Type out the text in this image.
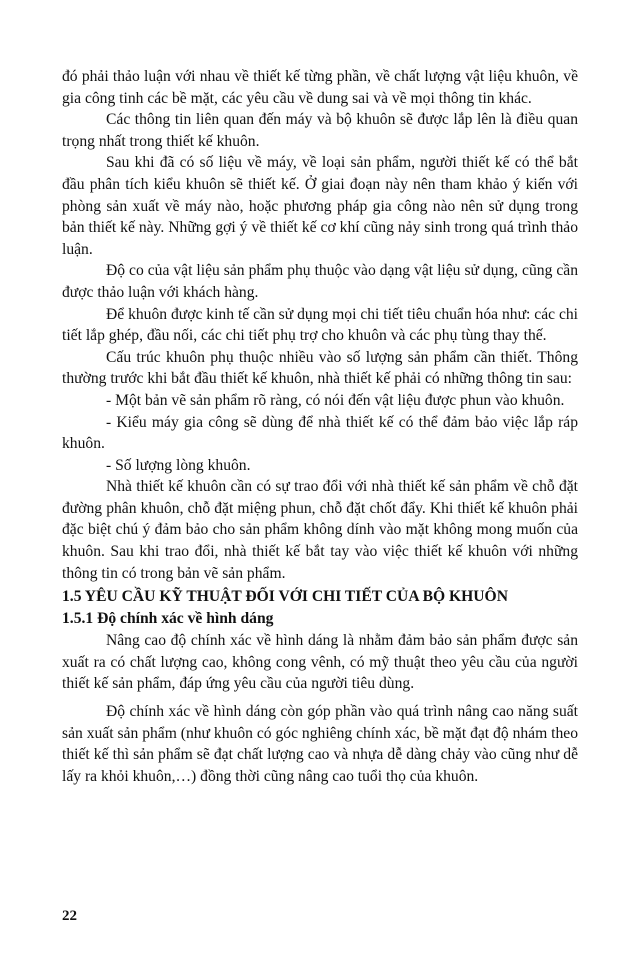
đó phải thảo luận với nhau về thiết kế từng phần, về chất lượng vật liệu khuôn, về gia công tinh các bề mặt, các yêu cầu về dung sai và về mọi thông tin khác.

Các thông tin liên quan đến máy và bộ khuôn sẽ được lắp lên là điều quan trọng nhất trong thiết kế khuôn.

Sau khi đã có số liệu về máy, về loại sản phẩm, người thiết kế có thể bắt đầu phân tích kiểu khuôn sẽ thiết kế. Ở giai đoạn này nên tham khảo ý kiến với phòng sản xuất về máy nào, hoặc phương pháp gia công nào nên sử dụng trong bản thiết kế này. Những gợi ý về thiết kế cơ khí cũng nảy sinh trong quá trình thảo luận.

Độ co của vật liệu sản phẩm phụ thuộc vào dạng vật liệu sử dụng, cũng cần được thảo luận với khách hàng.

Để khuôn được kinh tế cần sử dụng mọi chi tiết tiêu chuẩn hóa như: các chi tiết lắp ghép, đầu nối, các chi tiết phụ trợ cho khuôn và các phụ tùng thay thế.

Cấu trúc khuôn phụ thuộc nhiều vào số lượng sản phẩm cần thiết. Thông thường trước khi bắt đầu thiết kế khuôn, nhà thiết kế phải có những thông tin sau:

- Một bản vẽ sản phẩm rõ ràng, có nói đến vật liệu được phun vào khuôn.

- Kiểu máy gia công sẽ dùng để nhà thiết kế có thể đảm bảo việc lắp ráp khuôn.

- Số lượng lòng khuôn.

Nhà thiết kế khuôn cần có sự trao đổi với nhà thiết kế sản phẩm về chỗ đặt đường phân khuôn, chỗ đặt miệng phun, chỗ đặt chốt đẩy. Khi thiết kế khuôn phải đặc biệt chú ý đảm bảo cho sản phẩm không dính vào mặt không mong muốn của khuôn. Sau khi trao đổi, nhà thiết kế bắt tay vào việc thiết kế khuôn với những thông tin có trong bản vẽ sản phẩm.

1.5 YÊU CẦU KỸ THUẬT ĐỐI VỚI CHI TIẾT CỦA BỘ KHUÔN
1.5.1 Độ chính xác về hình dáng

Nâng cao độ chính xác về hình dáng là nhằm đảm bảo sản phẩm được sản xuất ra có chất lượng cao, không cong vênh, có mỹ thuật theo yêu cầu của người thiết kế sản phẩm, đáp ứng yêu cầu của người tiêu dùng.

Độ chính xác về hình dáng còn góp phần vào quá trình nâng cao năng suất sản xuất sản phẩm (như khuôn có góc nghiêng chính xác, bề mặt đạt độ nhám theo thiết kế thì sản phẩm sẽ đạt chất lượng cao và nhựa dễ dàng chảy vào cũng như dễ lấy ra khỏi khuôn,…) đồng thời cũng nâng cao tuổi thọ của khuôn.

22
